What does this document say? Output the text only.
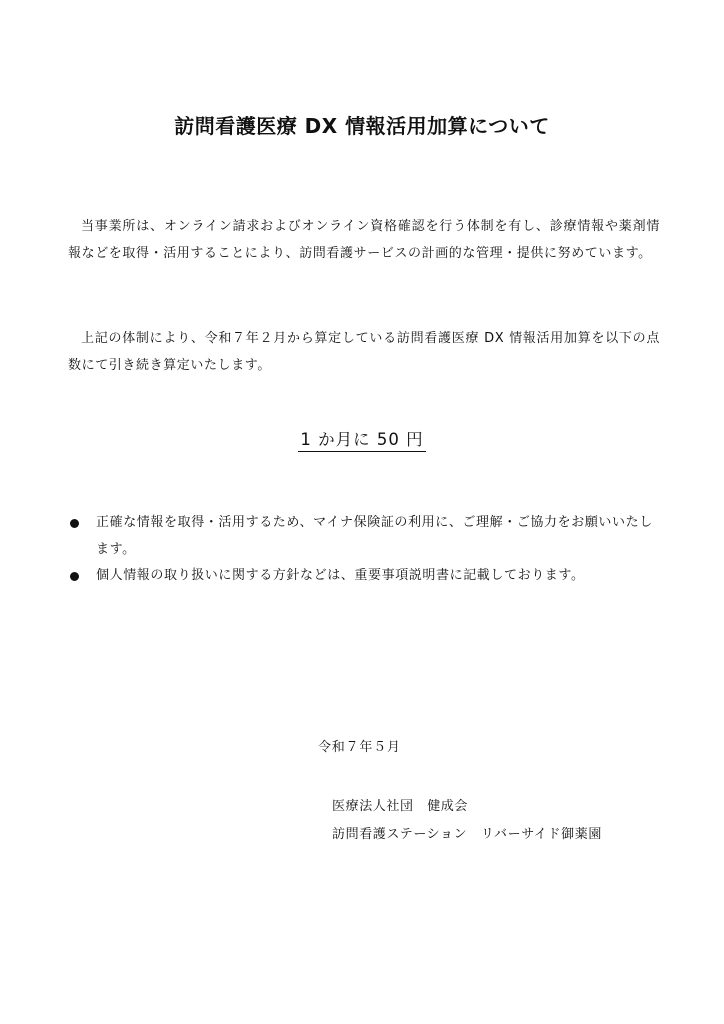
訪問看護医療 DX 情報活用加算について

当事業所は、オンライン請求およびオンライン資格確認を行う体制を有し、診療情報や薬剤情報などを取得・活用することにより、訪問看護サービスの計画的な管理・提供に努めています。

上記の体制により、令和７年２月から算定している訪問看護医療 DX 情報活用加算を以下の点数にて引き続き算定いたします。

1 か月に 50 円
正確な情報を取得・活用するため、マイナ保険証の利用に、ご理解・ご協力をお願いいたします。
個人情報の取り扱いに関する方針などは、重要事項説明書に記載しております。
令和７年５月
医療法人社団　健成会
訪問看護ステーション　リバーサイド御薬園
